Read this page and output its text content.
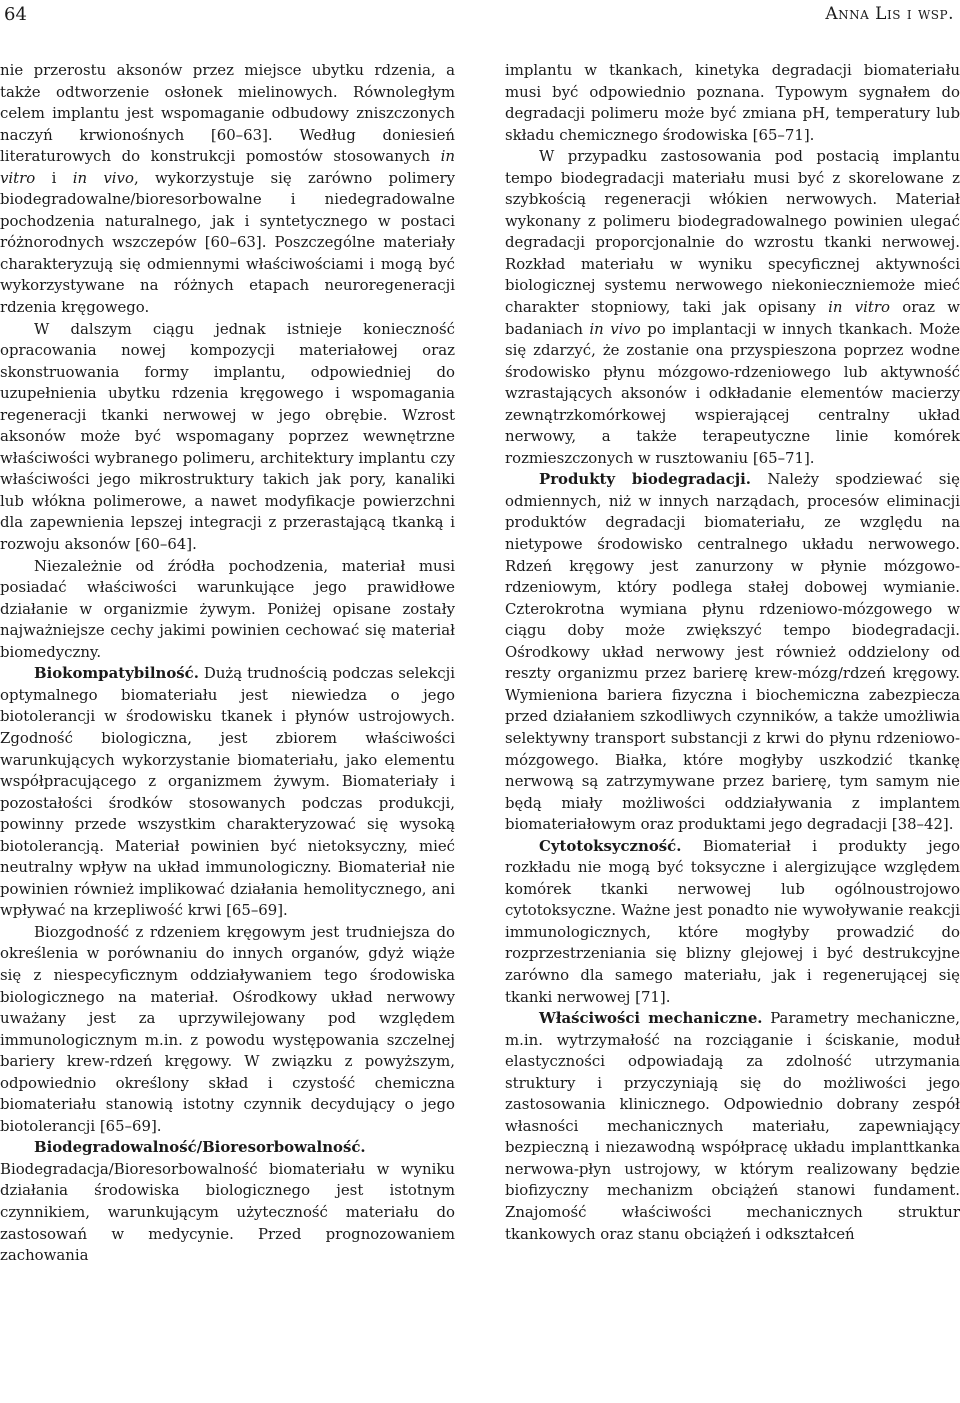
64	Anna Lis i wsp.

nie przerostu aksonów przez miejsce ubytku rdzenia, a także odtworzenie osłonek mielinowych. Równoległym celem implantu jest wspomaganie odbudowy zniszczonych naczyń krwionośnych [60–63]. Według doniesień literaturowych do konstrukcji pomostów stosowanych in vitro i in vivo, wykorzystuje się zarówno polimery biodegradowalne/bioresorbowalne i niedegradowalne pochodzenia naturalnego, jak i syntetycznego w postaci różnorodnych wszczepów [60–63]. Poszczególne materiały charakteryzują się odmiennymi właściwościami i mogą być wykorzystywane na różnych etapach neuroregeneracji rdzenia kręgowego.

W dalszym ciągu jednak istnieje konieczność opracowania nowej kompozycji materiałowej oraz skonstruowania formy implantu, odpowiedniej do uzupełnienia ubytku rdzenia kręgowego i wspomagania regeneracji tkanki nerwowej w jego obrębie. Wzrost aksonów może być wspomagany poprzez wewnętrzne właściwości wybranego polimeru, architektury implantu czy właściwości jego mikrostruktury takich jak pory, kanaliki lub włókna polimerowe, a nawet modyfikacje powierzchni dla zapewnienia lepszej integracji z przerastającą tkanką i rozwoju aksonów [60–64].

Niezależnie od źródła pochodzenia, materiał musi posiadać właściwości warunkujące jego prawidłowe działanie w organizmie żywym. Poniżej opisane zostały najważniejsze cechy jakimi powinien cechować się materiał biomedyczny.

Biokompatybilność. Dużą trudnością podczas selekcji optymalnego biomateriału jest niewiedza o jego biotolerancji w środowisku tkanek i płynów ustrojowych. Zgodność biologiczna, jest zbiorem właściwości warunkujących wykorzystanie biomateriału, jako elementu współpracującego z organizmem żywym. Biomateriały i pozostałości środków stosowanych podczas produkcji, powinny przede wszystkim charakteryzować się wysoką biotolerancją. Materiał powinien być nietoksyczny, mieć neutralny wpływ na układ immunologiczny. Biomateriał nie powinien również implikować działania hemolitycznego, ani wpływać na krzepliwość krwi [65–69].

Biozgodność z rdzeniem kręgowym jest trudniejsza do określenia w porównaniu do innych organów, gdyż wiąże się z niespecyficznym oddziaływaniem tego środowiska biologicznego na materiał. Ośrodkowy układ nerwowy uważany jest za uprzywilejowany pod względem immunologicznym m.in. z powodu występowania szczelnej bariery krew-rdzeń kręgowy. W związku z powyższym, odpowiednio określony skład i czystość chemiczna biomateriału stanowią istotny czynnik decydujący o jego biotolerancji [65–69].

Biodegradowalność/Bioresorbowalność. Biodegradacja/Bioresorbowalność biomateriału w wyniku działania środowiska biologicznego jest istotnym czynnikiem, warunkującym użyteczność materiału do zastosowań w medycynie. Przed prognozowaniem zachowania

implantu w tkankach, kinetyka degradacji biomateriału musi być odpowiednio poznana. Typowym sygnałem do degradacji polimeru może być zmiana pH, temperatury lub składu chemicznego środowiska [65–71].

W przypadku zastosowania pod postacią implantu tempo biodegradacji materiału musi być z skorelowane z szybkością regeneracji włókien nerwowych. Materiał wykonany z polimeru biodegradowalnego powinien ulegać degradacji proporcjonalnie do wzrostu tkanki nerwowej. Rozkład materiału w wyniku specyficznej aktywności biologicznej systemu nerwowego niekonieczniemoże mieć charakter stopniowy, taki jak opisany in vitro oraz w badaniach in vivo po implantacji w innych tkankach. Może się zdarzyć, że zostanie ona przyspieszona poprzez wodne środowisko płynu mózgowo-rdzeniowego lub aktywność wzrastających aksonów i odkładanie elementów macierzy zewnątrzkomórkowej wspierającej centralny układ nerwowy, a także terapeutyczne linie komórek rozmieszczonych w rusztowaniu [65–71].

Produkty biodegradacji. Należy spodziewać się odmiennych, niż w innych narządach, procesów eliminacji produktów degradacji biomateriału, ze względu na nietypowe środowisko centralnego układu nerwowego. Rdzeń kręgowy jest zanurzony w płynie mózgowo-rdzeniowym, który podlega stałej dobowej wymianie. Czterokrotna wymiana płynu rdzeniowo-mózgowego w ciągu doby może zwiększyć tempo biodegradacji. Ośrodkowy układ nerwowy jest również oddzielony od reszty organizmu przez barierę krew-mózg/rdzeń kręgowy. Wymieniona bariera fizyczna i biochemiczna zabezpiecza przed działaniem szkodliwych czynników, a także umożliwia selektywny transport substancji z krwi do płynu rdzeniowo-mózgowego. Białka, które mogłyby uszkodzić tkankę nerwową są zatrzymywane przez barierę, tym samym nie będą miały możliwości oddziaływania z implantem biomateriałowym oraz produktami jego degradacji [38–42].

Cytotoksyczność. Biomateriał i produkty jego rozkładu nie mogą być toksyczne i alergizujące względem komórek tkanki nerwowej lub ogólnoustrojowo cytotoksyczne. Ważne jest ponadto nie wywoływanie reakcji immunologicznych, które mogłyby prowadzić do rozprzestrzeniania się blizny glejowej i być destrukcyjne zarówno dla samego materiału, jak i regenerującej się tkanki nerwowej [71].

Właściwości mechaniczne. Parametry mechaniczne, m.in. wytrzymałość na rozciąganie i ściskanie, moduł elastyczności odpowiadają za zdolność utrzymania struktury i przyczyniają się do możliwości jego zastosowania klinicznego. Odpowiednio dobrany zespół własności mechanicznych materiału, zapewniający bezpieczną i niezawodną współpracę układu implanttkanka nerwowa-płyn ustrojowy, w którym realizowany będzie biofizyczny mechanizm obciążeń stanowi fundament. Znajomość właściwości mechanicznych struktur tkankowych oraz stanu obciążeń i odkształceń
